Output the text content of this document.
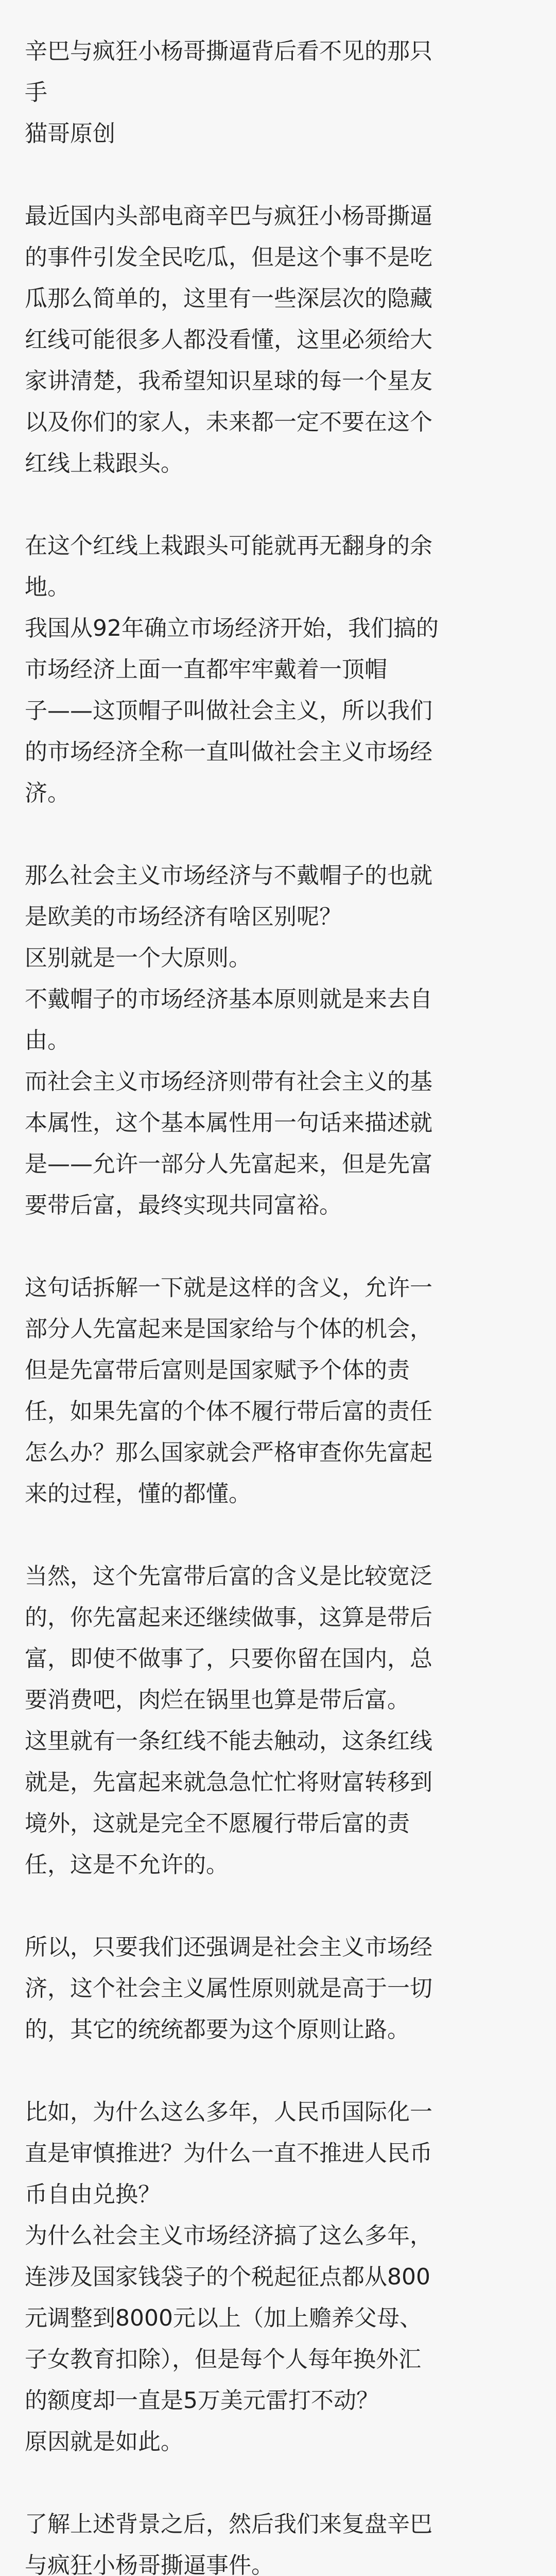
辛巴与疯狂小杨哥撕逼背后看不见的那只
手
猫哥原创
最近国内头部电商辛巴与疯狂小杨哥撕逼
的事件引发全民吃瓜，但是这个事不是吃
瓜那么简单的，这里有一些深层次的隐藏
红线可能很多人都没看懂，这里必须给大
家讲清楚，我希望知识星球的每一个星友
以及你们的家人，未来都一定不要在这个
红线上栽跟头。
在这个红线上栽跟头可能就再无翻身的余
地。
我国从92年确立市场经济开始，我们搞的
市场经济上面一直都牢牢戴着一顶帽
子——这顶帽子叫做社会主义，所以我们
的市场经济全称一直叫做社会主义市场经
济。
那么社会主义市场经济与不戴帽子的也就
是欧美的市场经济有啥区别呢？
区别就是一个大原则。
不戴帽子的市场经济基本原则就是来去自
由。
而社会主义市场经济则带有社会主义的基
本属性，这个基本属性用一句话来描述就
是——允许一部分人先富起来，但是先富
要带后富，最终实现共同富裕。
这句话拆解一下就是这样的含义，允许一
部分人先富起来是国家给与个体的机会，
但是先富带后富则是国家赋予个体的责
任，如果先富的个体不履行带后富的责任
怎么办？那么国家就会严格审查你先富起
来的过程，懂的都懂。
当然，这个先富带后富的含义是比较宽泛
的，你先富起来还继续做事，这算是带后
富，即使不做事了，只要你留在国内，总
要消费吧，肉烂在锅里也算是带后富。
这里就有一条红线不能去触动，这条红线
就是，先富起来就急急忙忙将财富转移到
境外，这就是完全不愿履行带后富的责
任，这是不允许的。
所以，只要我们还强调是社会主义市场经
济，这个社会主义属性原则就是高于一切
的，其它的统统都要为这个原则让路。
比如，为什么这么多年，人民币国际化一
直是审慎推进？为什么一直不推进人民币
币自由兑换？
为什么社会主义市场经济搞了这么多年，
连涉及国家钱袋子的个税起征点都从800
元调整到8000元以上（加上赡养父母、
子女教育扣除），但是每个人每年换外汇
的额度却一直是5万美元雷打不动？
原因就是如此。
了解上述背景之后，然后我们来复盘辛巴
与疯狂小杨哥撕逼事件。
